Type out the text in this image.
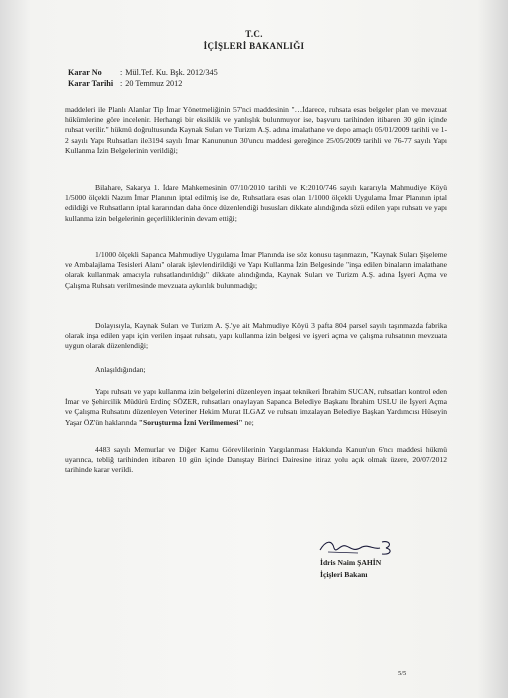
T.C.
İÇİŞLERİ BAKANLIĞI
Karar No : Mül.Tef. Ku. Bşk. 2012/345
Karar Tarihi : 20 Temmuz 2012

maddeleri ile Planlı Alanlar Tip İmar Yönetmeliğinin 57'nci maddesinin "…İdarece, ruhsata esas belgeler plan ve mevzuat hükümlerine göre incelenir. Herhangi bir eksiklik ve yanlışlık bulunmuyor ise, başvuru tarihinden itibaren 30 gün içinde ruhsat verilir." hükmü doğrultusunda Kaynak Suları ve Turizm A.Ş. adına imalathane ve depo amaçlı 05/01/2009 tarihli ve 1-2 sayılı Yapı Ruhsatları ile3194 sayılı İmar Kanununun 30'uncu maddesi gereğince 25/05/2009 tarihli ve 76-77 sayılı Yapı Kullanma İzin Belgelerinin verildiği;

Bilahare, Sakarya 1. İdare Mahkemesinin 07/10/2010 tarihli ve K:2010/746 sayılı kararıyla Mahmudiye Köyü 1/5000 ölçekli Nazım İmar Planının iptal edilmiş ise de, Ruhsatlara esas olan 1/1000 ölçekli Uygulama İmar Planının iptal edildiği ve Ruhsatların iptal kararından daha önce düzenlendiği hususları dikkate alındığında sözü edilen yapı ruhsatı ve yapı kullanma izin belgelerinin geçerliliklerinin devam ettiği;

1/1000 ölçekli Sapanca Mahmudiye Uygulama İmar Planında ise söz konusu taşınmazın, "Kaynak Suları Şişeleme ve Ambalajlama Tesisleri Alanı" olarak işlevlendirildiği ve Yapı Kullanma İzin Belgesinde "inşa edilen binaların imalathane olarak kullanmak amacıyla ruhsatlandırıldığı" dikkate alındığında, Kaynak Suları ve Turizm A.Ş. adına İşyeri Açma ve Çalışma Ruhsatı verilmesinde mevzuata aykırılık bulunmadığı;

Dolayısıyla, Kaynak Suları ve Turizm A. Ş.'ye ait Mahmudiye Köyü 3 pafta 804 parsel sayılı taşınmazda fabrika olarak inşa edilen yapı için verilen inşaat ruhsatı, yapı kullanma izin belgesi ve işyeri açma ve çalışma ruhsatının mevzuata uygun olarak düzenlendiği;

Anlaşıldığından;

Yapı ruhsatı ve yapı kullanma izin belgelerini düzenleyen inşaat teknikeri İbrahim SUCAN, ruhsatları kontrol eden İmar ve Şehircilik Müdürü Erdinç SÖZER, ruhsatları onaylayan Sapanca Belediye Başkanı İbrahim USLU ile İşyeri Açma ve Çalışma Ruhsatını düzenleyen Veteriner Hekim Murat ILGAZ ve ruhsatı imzalayan Belediye Başkan Yardımcısı Hüseyin Yaşar ÖZ'ün haklarında "Soruşturma İzni Verilmemesi" ne;

4483 sayılı Memurlar ve Diğer Kamu Görevlilerinin Yargılanması Hakkında Kanun'un 6'ncı maddesi hükmü uyarınca, tebliğ tarihinden itibaren 10 gün içinde Danıştay Birinci Dairesine itiraz yolu açık olmak üzere, 20/07/2012 tarihinde karar verildi.

İdris Naim ŞAHİN
İçişleri Bakanı
5/5
